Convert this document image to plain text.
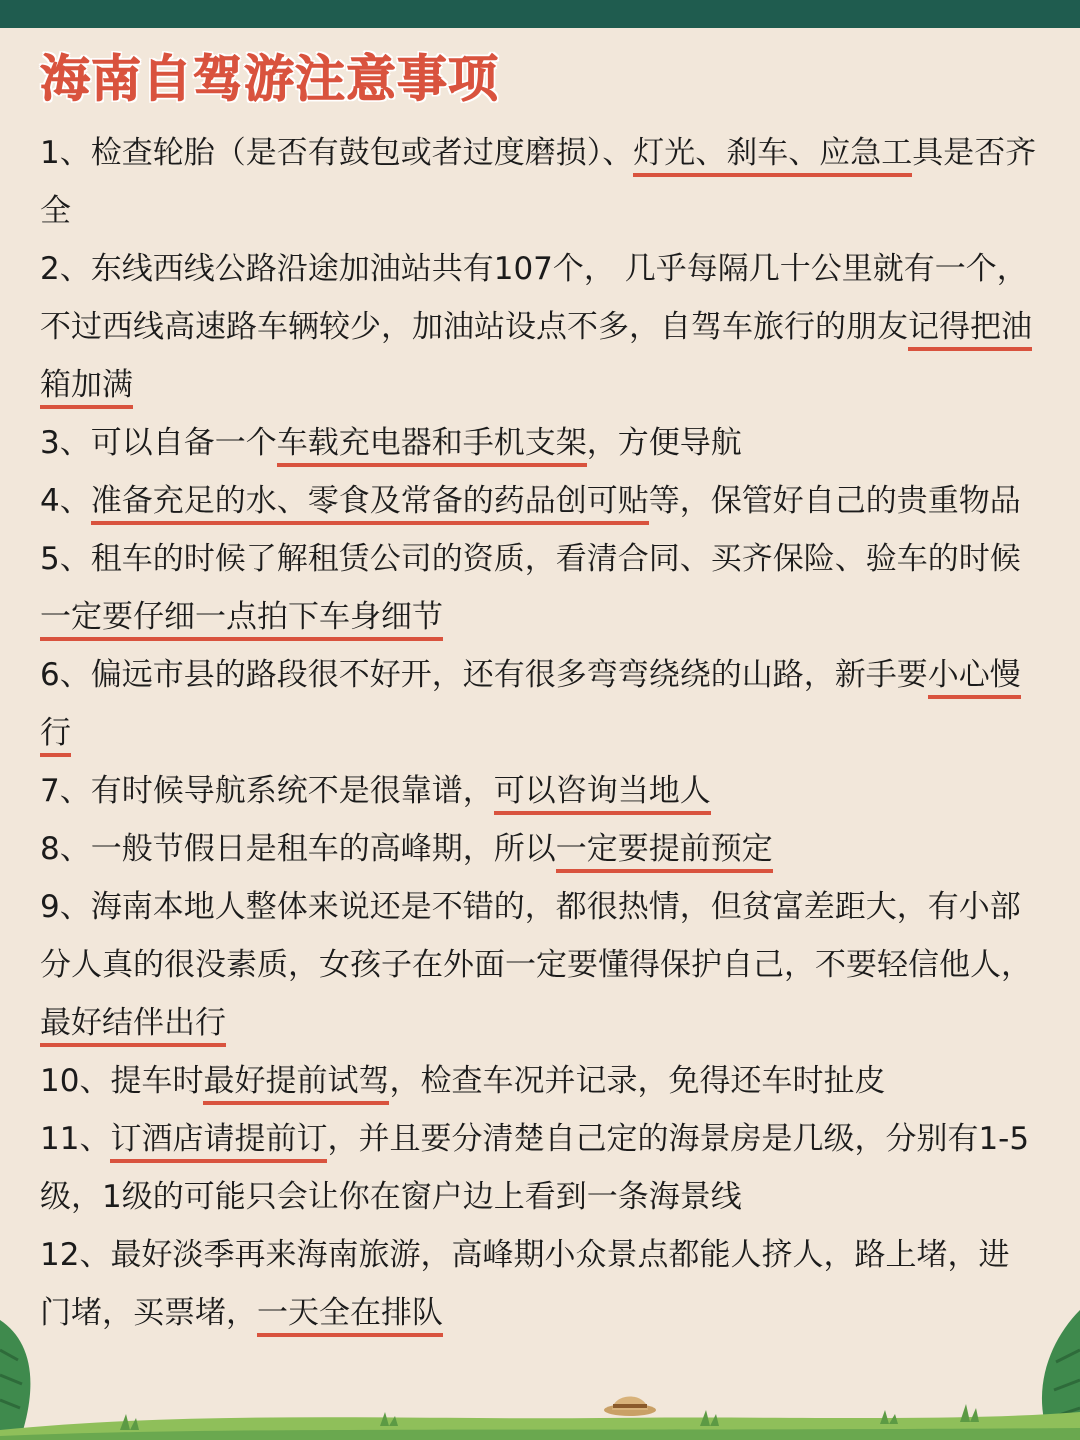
海南自驾游注意事项

1、检查轮胎（是否有鼓包或者过度磨损）、灯光、刹车、应急工具是否齐全

2、东线西线公路沿途加油站共有107个， 几乎每隔几十公里就有一个，不过西线高速路车辆较少，加油站设点不多，自驾车旅行的朋友记得把油箱加满

3、可以自备一个车载充电器和手机支架，方便导航

4、准备充足的水、零食及常备的药品创可贴等，保管好自己的贵重物品

5、租车的时候了解租赁公司的资质，看清合同、买齐保险、验车的时候一定要仔细一点拍下车身细节

6、偏远市县的路段很不好开，还有很多弯弯绕绕的山路，新手要小心慢行

7、有时候导航系统不是很靠谱，可以咨询当地人

8、一般节假日是租车的高峰期，所以一定要提前预定

9、海南本地人整体来说还是不错的，都很热情，但贫富差距大，有小部分人真的很没素质，女孩子在外面一定要懂得保护自己，不要轻信他人，最好结伴出行

10、提车时最好提前试驾，检查车况并记录，免得还车时扯皮

11、订酒店请提前订，并且要分清楚自己定的海景房是几级，分别有1-5级，1级的可能只会让你在窗户边上看到一条海景线

12、最好淡季再来海南旅游，高峰期小众景点都能人挤人，路上堵，进门堵，买票堵，一天全在排队
